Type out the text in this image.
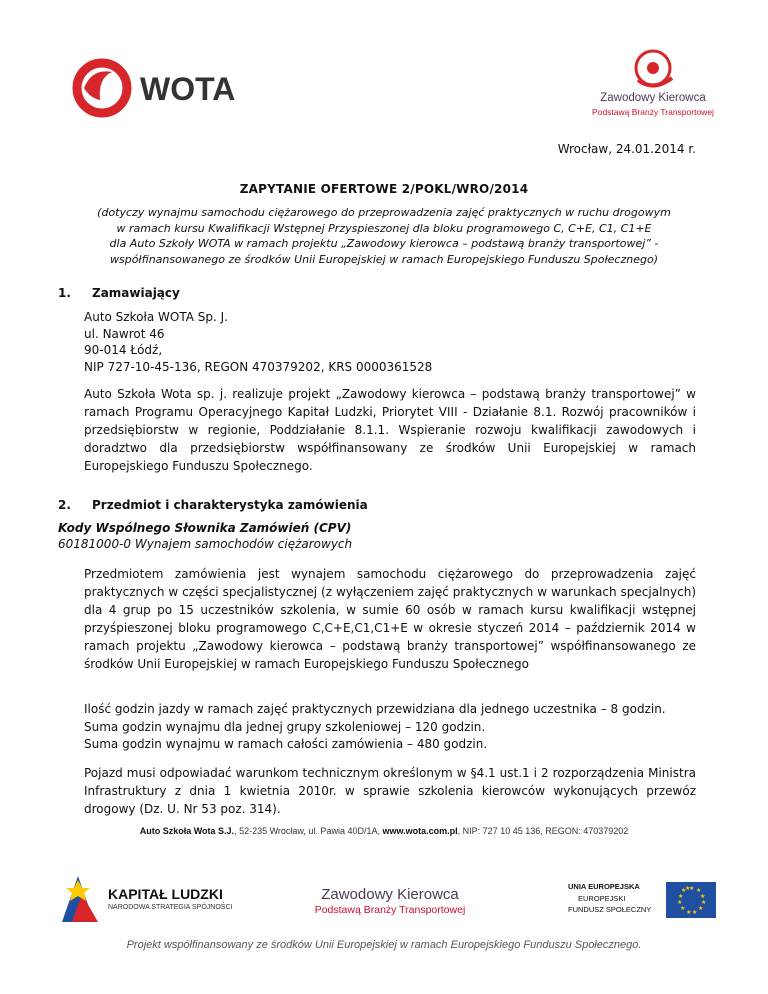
WOTA	Zawodowy Kierowca
Podstawą Branży Transportowej
Wrocław, 24.01.2014 r.
ZAPYTANIE OFERTOWE 2/POKL/WRO/2014
(dotyczy wynajmu samochodu ciężarowego do przeprowadzenia zajęć praktycznych w ruchu drogowym
w ramach kursu Kwalifikacji Wstępnej Przyspieszonej dla bloku programowego C, C+E, C1, C1+E
dla Auto Szkoły WOTA w ramach projektu „Zawodowy kierowca – podstawą branży transportowej” -
współfinansowanego ze środków Unii Europejskiej w ramach Europejskiego Funduszu Społecznego)
1. Zamawiający
Auto Szkoła WOTA Sp. J.
ul. Nawrot 46
90-014 Łódź,
NIP 727-10-45-136, REGON 470379202, KRS 0000361528
Auto Szkoła Wota sp. j. realizuje projekt „Zawodowy kierowca – podstawą branży transportowej” w ramach Programu Operacyjnego Kapitał Ludzki, Priorytet VIII - Działanie 8.1. Rozwój pracowników i przedsiębiorstw w regionie, Poddziałanie 8.1.1. Wspieranie rozwoju kwalifikacji zawodowych i doradztwo dla przedsiębiorstw współfinansowany ze środków Unii Europejskiej w ramach Europejskiego Funduszu Społecznego.
2. Przedmiot i charakterystyka zamówienia
Kody Wspólnego Słownika Zamówień (CPV)
60181000-0 Wynajem samochodów ciężarowych
Przedmiotem zamówienia jest wynajem samochodu ciężarowego do przeprowadzenia zajęć praktycznych w części specjalistycznej (z wyłączeniem zajęć praktycznych w warunkach specjalnych) dla 4 grup po 15 uczestników szkolenia, w sumie 60 osób w ramach kursu kwalifikacji wstępnej przyśpieszonej bloku programowego C,C+E,C1,C1+E w okresie styczeń 2014 – październik 2014 w ramach projektu „Zawodowy kierowca – podstawą branży transportowej” współfinansowanego ze środków Unii Europejskiej w ramach Europejskiego Funduszu Społecznego
Ilość godzin jazdy w ramach zajęć praktycznych przewidziana dla jednego uczestnika – 8 godzin.
Suma godzin wynajmu dla jednej grupy szkoleniowej – 120 godzin.
Suma godzin wynajmu w ramach całości zamówienia – 480 godzin.
Pojazd musi odpowiadać warunkom technicznym określonym w §4.1 ust.1 i 2 rozporządzenia Ministra Infrastruktury z dnia 1 kwietnia 2010r. w sprawie szkolenia kierowców wykonujących przewóz drogowy (Dz. U. Nr 53 poz. 314).
Auto Szkoła Wota S.J., 52-235 Wrocław, ul. Pawia 40D/1A, www.wota.com.pl, NIP: 727 10 45 136, REGON: 470379202
KAPITAŁ LUDZKI
NARODOWA STRATEGIA SPÓJNOŚCI
Zawodowy Kierowca
Podstawą Branży Transportowej
UNIA EUROPEJSKA
EUROPEJSKI
FUNDUSZ SPOŁECZNY
★ ★
★
★
★
★
★
★
★
★
★
★
Projekt współfinansowany ze środków Unii Europejskiej w ramach Europejskiego Funduszu Społecznego.
